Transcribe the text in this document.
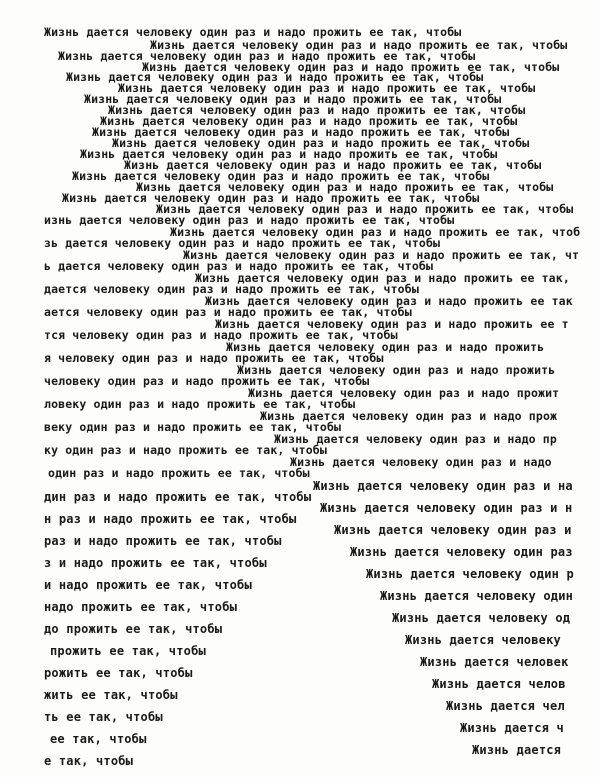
Жизнь дается человеку один раз и надо прожить ее так, чтобы
Жизнь дается человеку один раз и надо прожить ее так, чтобы
Жизнь дается человеку один раз и надо прожить ее так, чтобы
Жизнь дается человеку один раз и надо прожить ее так, чтобы
Жизнь дается человеку один раз и надо прожить ее так, чтобы
Жизнь дается человеку один раз и надо прожить ее так, чтобы
Жизнь дается человеку один раз и надо прожить ее так, чтобы
Жизнь дается человеку один раз и надо прожить ее так, чтобы
Жизнь дается человеку один раз и надо прожить ее так, чтобы
Жизнь дается человеку один раз и надо прожить ее так, чтобы
Жизнь дается человеку один раз и надо прожить ее так, чтобы
Жизнь дается человеку один раз и надо прожить ее так, чтобы
Жизнь дается человеку один раз и надо прожить ее так, чтобы
Жизнь дается человеку один раз и надо прожить ее так, чтобы
Жизнь дается человеку один раз и надо прожить ее так, чтобы
Жизнь дается человеку один раз и надо прожить ее так, чтобы
Жизнь дается человеку один раз и надо прожить ее так, чтобы
изнь дается человеку один раз и надо прожить ее так, чтобы
Жизнь дается человеку один раз и надо прожить ее так, чтоб
зь дается человеку один раз и надо прожить ее так, чтобы
Жизнь дается человеку один раз и надо прожить ее так, чт
ь дается человеку один раз и надо прожить ее так, чтобы
Жизнь дается человеку один раз и надо прожить ее так,
дается человеку один раз и надо прожить ее так, чтобы
Жизнь дается человеку один раз и надо прожить ее так
ается человеку один раз и надо прожить ее так, чтобы
Жизнь дается человеку один раз и надо прожить ее т
тся человеку один раз и надо прожить ее так, чтобы
Жизнь дается человеку один раз и надо прожить
я человеку один раз и надо прожить ее так, чтобы
Жизнь дается человеку один раз и надо прожить
человеку один раз и надо прожить ее так, чтобы
Жизнь дается человеку один раз и надо прожит
ловеку один раз и надо прожить ее так, чтобы
Жизнь дается человеку один раз и надо прож
веку один раз и надо прожить ее так, чтобы
Жизнь дается человеку один раз и надо пр
ку один раз и надо прожить ее так, чтобы
Жизнь дается человеку один раз и надо
один раз и надо прожить ее так, чтобы
дин раз и надо прожить ее так, чтобы
н раз и надо прожить ее так, чтобы
раз и надо прожить ее так, чтобы
з и надо прожить ее так, чтобы
и надо прожить ее так, чтобы
надо прожить ее так, чтобы
до прожить ее так, чтобы
прожить ее так, чтобы
рожить ее так, чтобы
жить ее так, чтобы
ть ее так, чтобы
ее так, чтобы
е так, чтобы
Жизнь дается человеку один раз и на
Жизнь дается человеку один раз и н
Жизнь дается человеку один раз и
Жизнь дается человеку один раз
Жизнь дается человеку один р
Жизнь дается человеку один
Жизнь дается человеку од
Жизнь дается человеку
Жизнь дается человек
Жизнь дается челов
Жизнь дается чел
Жизнь дается ч
Жизнь дается
